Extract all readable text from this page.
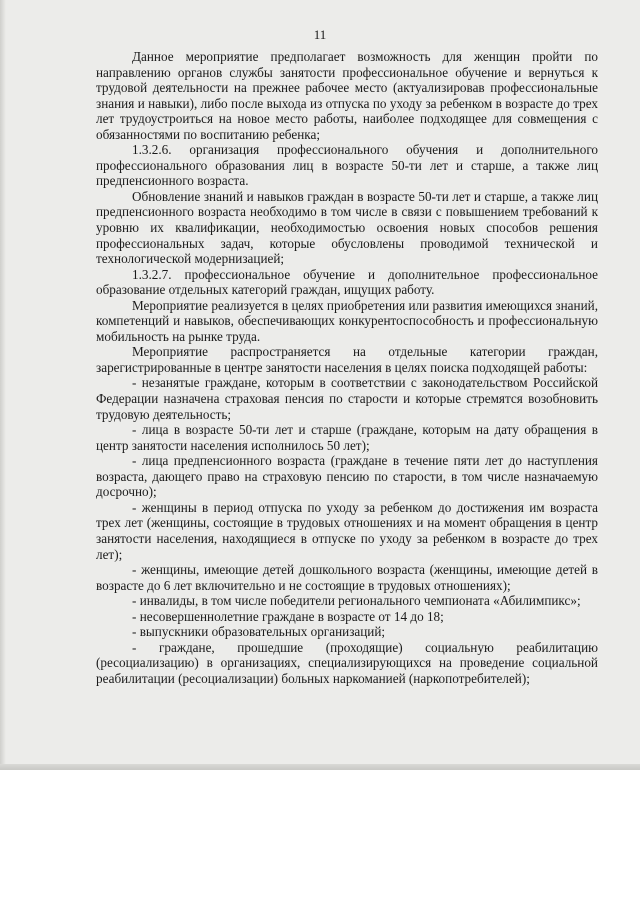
11

Данное мероприятие предполагает возможность для женщин пройти по направлению органов службы занятости профессиональное обучение и вернуться к трудовой деятельности на прежнее рабочее место (актуализировав профессиональные знания и навыки), либо после выхода из отпуска по уходу за ребенком в возрасте до трех лет трудоустроиться на новое место работы, наиболее подходящее для совмещения с обязанностями по воспитанию ребенка;

1.3.2.6. организация профессионального обучения и дополнительного профессионального образования лиц в возрасте 50-ти лет и старше, а также лиц предпенсионного возраста.

Обновление знаний и навыков граждан в возрасте 50-ти лет и старше, а также лиц предпенсионного возраста необходимо в том числе в связи с повышением требований к уровню их квалификации, необходимостью освоения новых способов решения профессиональных задач, которые обусловлены проводимой технической и технологической модернизацией;

1.3.2.7. профессиональное обучение и дополнительное профессиональное образование отдельных категорий граждан, ищущих работу.

Мероприятие реализуется в целях приобретения или развития имеющихся знаний, компетенций и навыков, обеспечивающих конкурентоспособность и профессиональную мобильность на рынке труда.

Мероприятие распространяется на отдельные категории граждан, зарегистрированные в центре занятости населения в целях поиска подходящей работы:

- незанятые граждане, которым в соответствии с законодательством Российской Федерации назначена страховая пенсия по старости и которые стремятся возобновить трудовую деятельность;

- лица в возрасте 50-ти лет и старше (граждане, которым на дату обращения в центр занятости населения исполнилось 50 лет);

- лица предпенсионного возраста (граждане в течение пяти лет до наступления возраста, дающего право на страховую пенсию по старости, в том числе назначаемую досрочно);

- женщины в период отпуска по уходу за ребенком до достижения им возраста трех лет (женщины, состоящие в трудовых отношениях и на момент обращения в центр занятости населения, находящиеся в отпуске по уходу за ребенком в возрасте до трех лет);

- женщины, имеющие детей дошкольного возраста (женщины, имеющие детей в возрасте до 6 лет включительно и не состоящие в трудовых отношениях);

- инвалиды, в том числе победители регионального чемпионата «Абилимпикс»;

- несовершеннолетние граждане в возрасте от 14 до 18;

- выпускники образовательных организаций;

- граждане, прошедшие (проходящие) социальную реабилитацию (ресоциализацию) в организациях, специализирующихся на проведение социальной реабилитации (ресоциализации) больных наркоманией (наркопотребителей);
